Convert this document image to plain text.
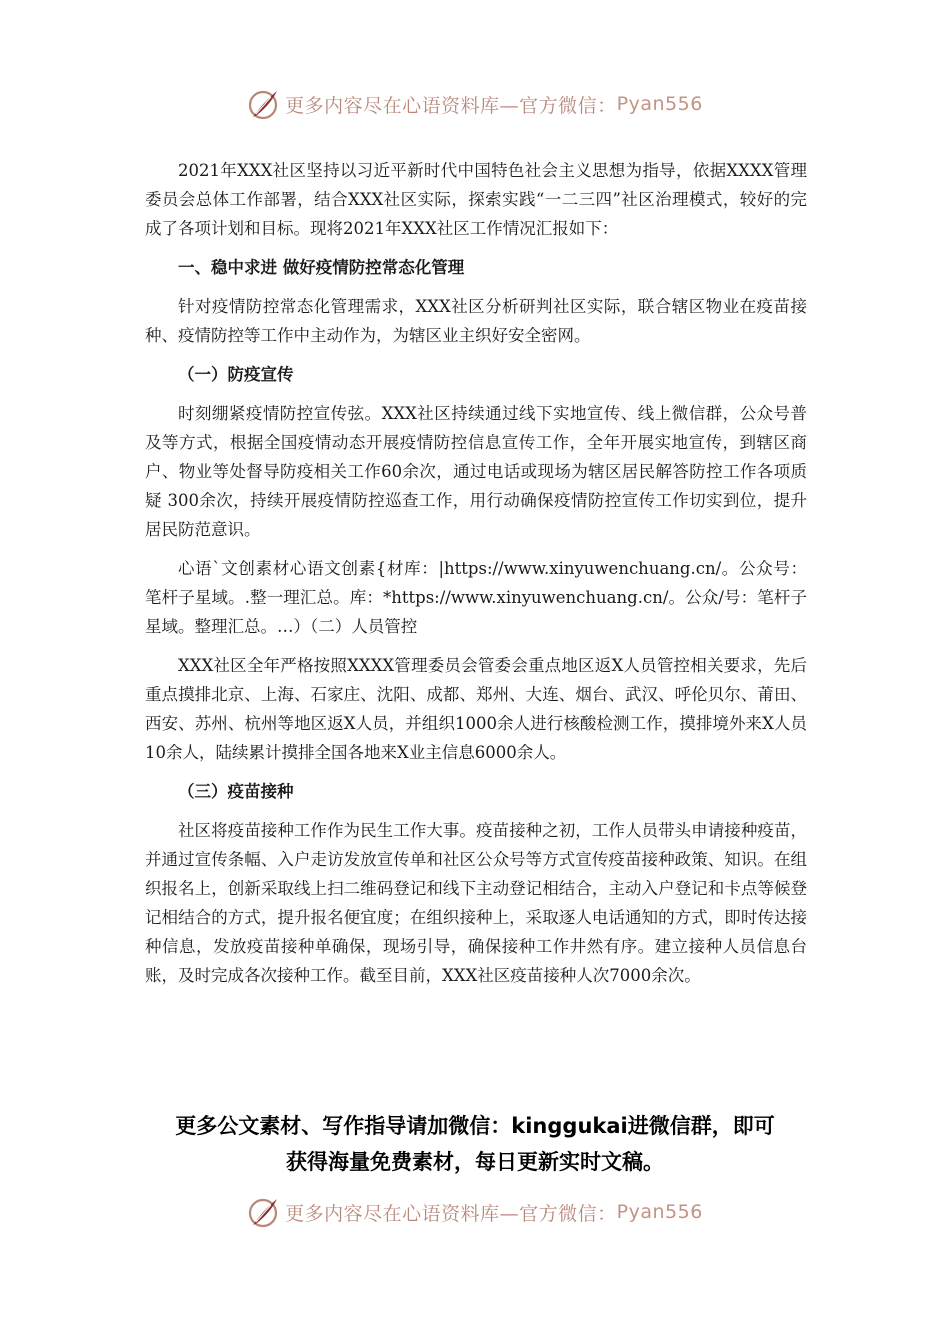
更多内容尽在心语资料库—官方微信： Pyan556

2021年XXX社区坚持以习近平新时代中国特色社会主义思想为指导，依据XXXX管理委员会总体工作部署，结合XXX社区实际，探索实践“一二三四”社区治理模式，较好的完成了各项计划和目标。现将2021年XXX社区工作情况汇报如下：

一、稳中求进 做好疫情防控常态化管理

针对疫情防控常态化管理需求，XXX社区分析研判社区实际，联合辖区物业在疫苗接种、疫情防控等工作中主动作为，为辖区业主织好安全密网。

（一）防疫宣传

时刻绷紧疫情防控宣传弦。XXX社区持续通过线下实地宣传、线上微信群，公众号普及等方式，根据全国疫情动态开展疫情防控信息宣传工作，全年开展实地宣传，到辖区商户、物业等处督导防疫相关工作60余次，通过电话或现场为辖区居民解答防控工作各项质疑 300余次，持续开展疫情防控巡查工作，用行动确保疫情防控宣传工作切实到位，提升居民防范意识。

心语`文创素材心语文创素{材库：|https://www.xinyuwenchuang.cn/。公众号：笔杆子星域。.整一理汇总。库：*https://www.xinyuwenchuang.cn/。公众/号：笔杆子星域。整理汇总。…）（二）人员管控

XXX社区全年严格按照XXXX管理委员会管委会重点地区返X人员管控相关要求，先后重点摸排北京、上海、石家庄、沈阳、成都、郑州、大连、烟台、武汉、呼伦贝尔、莆田、西安、苏州、杭州等地区返X人员，并组织1000余人进行核酸检测工作，摸排境外来X人员10余人，陆续累计摸排全国各地来X业主信息6000余人。

（三）疫苗接种

社区将疫苗接种工作作为民生工作大事。疫苗接种之初，工作人员带头申请接种疫苗，并通过宣传条幅、入户走访发放宣传单和社区公众号等方式宣传疫苗接种政策、知识。在组织报名上，创新采取线上扫二维码登记和线下主动登记相结合，主动入户登记和卡点等候登记相结合的方式，提升报名便宜度；在组织接种上，采取逐人电话通知的方式，即时传达接种信息，发放疫苗接种单确保，现场引导，确保接种工作井然有序。建立接种人员信息台账，及时完成各次接种工作。截至目前，XXX社区疫苗接种人次7000余次。

更多公文素材、写作指导请加微信：kinggukai进微信群，即可
获得海量免费素材，每日更新实时文稿。
更多内容尽在心语资料库—官方微信： Pyan556
